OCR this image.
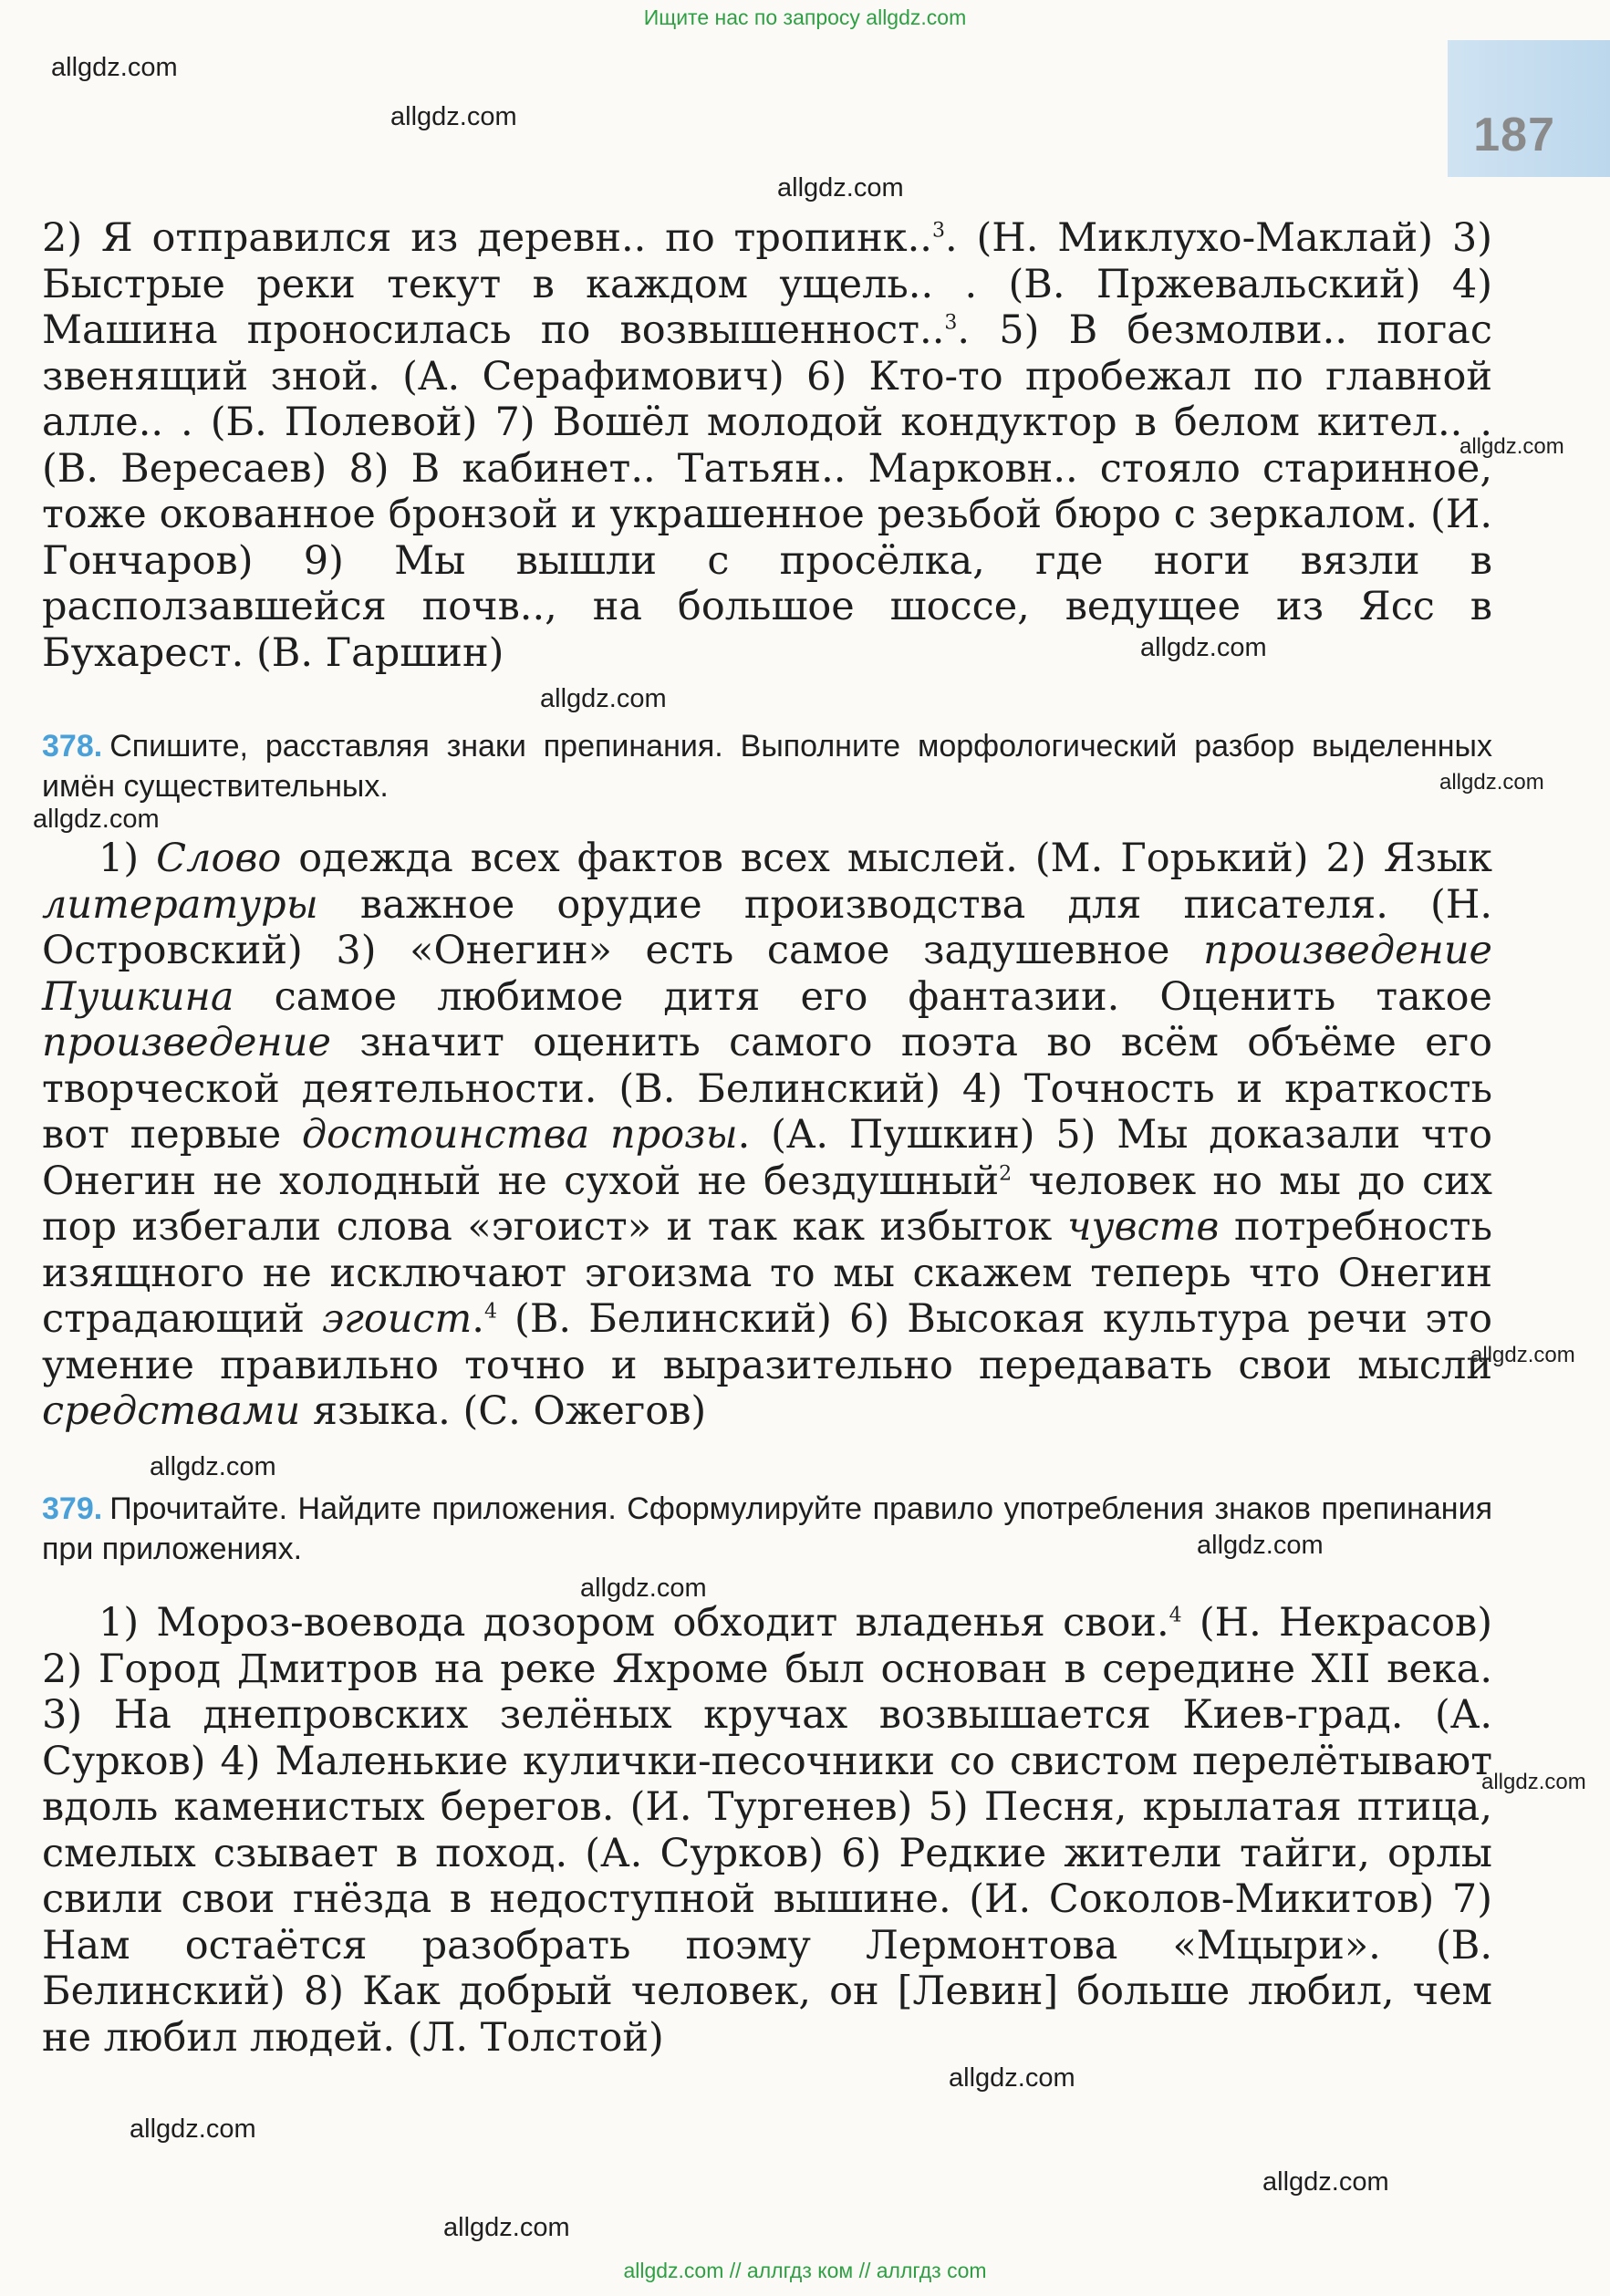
Ищите нас по запросу allgdz.com
187
allgdz.com
allgdz.com
allgdz.com
allgdz.com
allgdz.com
allgdz.com
allgdz.com
allgdz.com
allgdz.com
allgdz.com
allgdz.com
allgdz.com
allgdz.com
allgdz.com
allgdz.com
allgdz.com
allgdz.com

2) Я отправился из деревн.. по тропинк..$^3$. (Н. Миклухо-Маклай) 3) Быстрые реки текут в каждом ущель.. . (В. Пржевальский) 4) Машина проносилась по возвышенност..$^3$. 5) В безмолви.. погас звенящий зной. (А. Серафимович) 6) Кто-то пробежал по главной алле.. . (Б. Полевой) 7) Вошёл молодой кондуктор в белом кител.. . (В. Вересаев) 8) В кабинет.. Татьян.. Марковн.. стояло старинное, тоже окованное бронзой и украшенное резьбой бюро с зеркалом. (И. Гончаров) 9) Мы вышли с просёлка, где ноги вязли в расползавшейся почв.., на большое шоссе, ведущее из Ясс в Бухарест. (В. Гаршин)

378. Спишите, расставляя знаки препинания. Выполните морфологический разбор выделенных имён существительных.

1) Слово одежда всех фактов всех мыслей. (М. Горький) 2) Язык литературы важное орудие производства для писателя. (Н. Островский) 3) «Онегин» есть самое задушевное произведение Пушкина самое любимое дитя его фантазии. Оценить такое произведение значит оценить самого поэта во всём объёме его творческой деятельности. (В. Белинский) 4) Точность и краткость вот первые достоинства прозы. (А. Пушкин) 5) Мы доказали что Онегин не холодный не сухой не бездушный$^2$ человек но мы до сих пор избегали слова «эгоист» и так как избыток чувств потребность изящного не исключают эгоизма то мы скажем теперь что Онегин страдающий эгоист.$^4$ (В. Белинский) 6) Высокая культура речи это умение правильно точно и выразительно передавать свои мысли средствами языка. (С. Ожегов)

379. Прочитайте. Найдите приложения. Сформулируйте правило употребления знаков препинания при приложениях.

1) Мороз-воевода дозором обходит владенья свои.$^4$ (Н. Некрасов) 2) Город Дмитров на реке Яхроме был основан в середине XII века. 3) На днепровских зелёных кручах возвышается Киев-град. (А. Сурков) 4) Маленькие кулички-песочники со свистом перелётывают вдоль каменистых берегов. (И. Тургенев) 5) Песня, крылатая птица, смелых сзывает в поход. (А. Сурков) 6) Редкие жители тайги, орлы свили свои гнёзда в недоступной вышине. (И. Соколов-Микитов) 7) Нам остаётся разобрать поэму Лермонтова «Мцыри». (В. Белинский) 8) Как добрый человек, он [Левин] больше любил, чем не любил людей. (Л. Толстой)

allgdz.com // аллгдз ком // аллгдз com
